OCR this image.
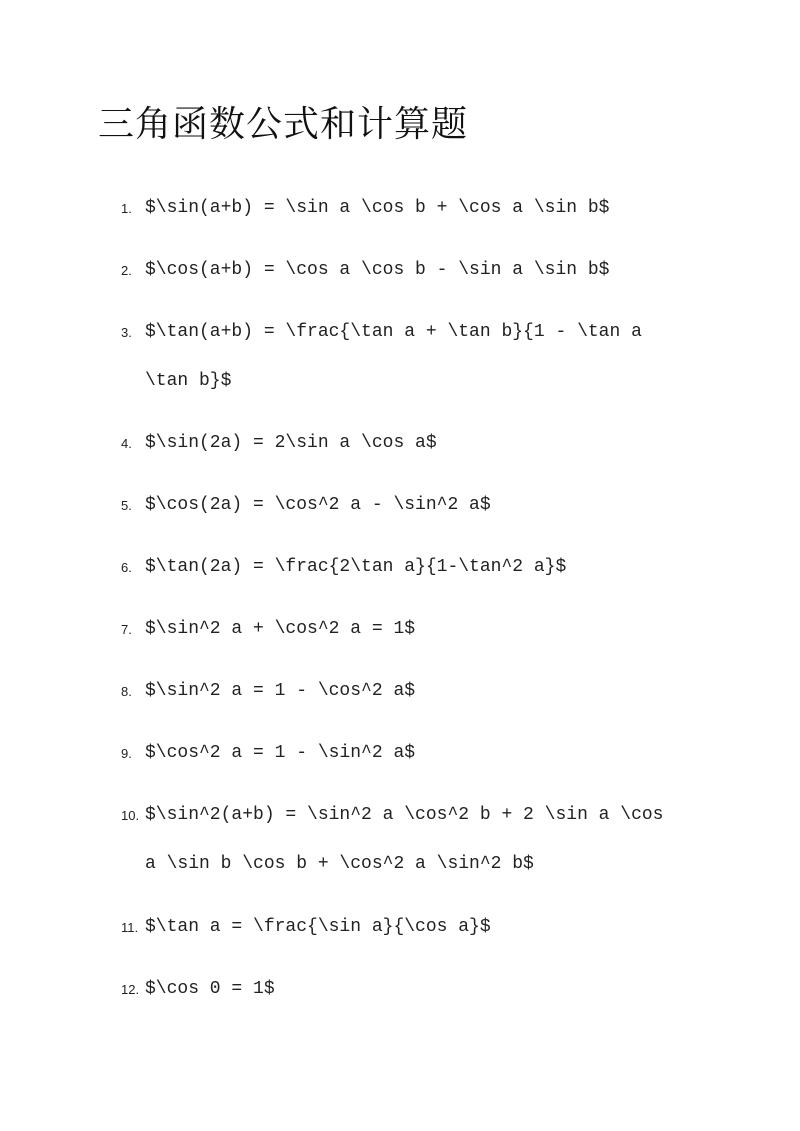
三角函数公式和计算题
1. $\sin(a+b) = \sin a \cos b + \cos a \sin b$
2. $\cos(a+b) = \cos a \cos b - \sin a \sin b$
3. $\tan(a+b) = \frac{\tan a + \tan b}{1 - \tan a
\tan b}$
4. $\sin(2a) = 2\sin a \cos a$
5. $\cos(2a) = \cos^2 a - \sin^2 a$
6. $\tan(2a) = \frac{2\tan a}{1-\tan^2 a}$
7. $\sin^2 a + \cos^2 a = 1$
8. $\sin^2 a = 1 - \cos^2 a$
9. $\cos^2 a = 1 - \sin^2 a$
10. $\sin^2(a+b) = \sin^2 a \cos^2 b + 2 \sin a \cos
a \sin b \cos b + \cos^2 a \sin^2 b$
11. $\tan a = \frac{\sin a}{\cos a}$
12. $\cos 0 = 1$
